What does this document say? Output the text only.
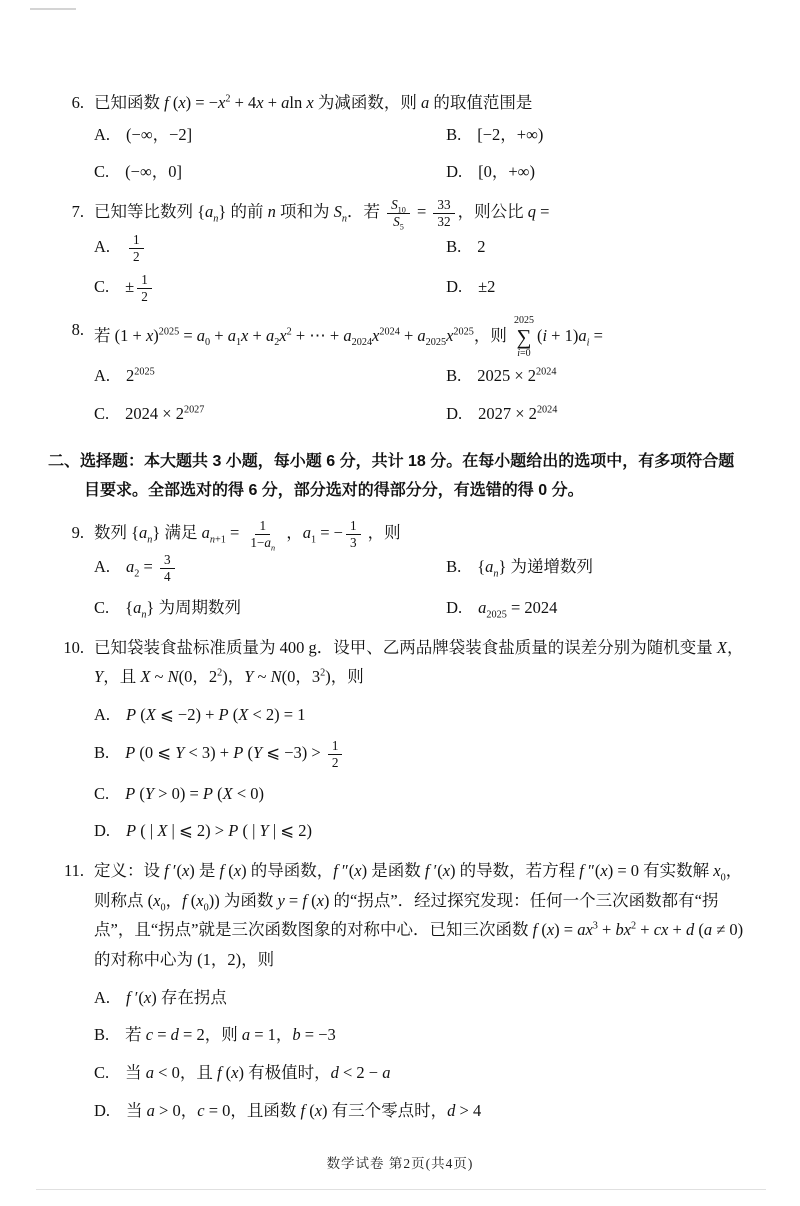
6. 已知函数 f $(x) = -x^2 + 4x + aln$ x 为减函数，则 a 的取值范围是
A. (−∞，−2]	B. [−2，+∞)
C. (−∞，0]	D. [0，+∞)
7. 已知等比数列 $\{a_n\}$ 的前 n 项和为 $S_n$．若 $\frac{S_{10}}{S_5} = \frac{33}{32}$ ，则公比 q =
A. $\frac{1}{2}$	B. 2
C. ± $\frac{1}{2}$	D. ±2
8. 若 $(1 + x)^{2025} = a_0 + a_1x + a_2x^2$ + ⋯ + $a_{2024}x^{2024} + a_{2025}x^{2025}$，则
2025
∑
i=0
$(i + 1)a_i$ =
A. $2^{2025}$	B. $2025 \times 2^{2024}$
C. $2024 \times 2^{2027}$	D. $2027 \times 2^{2024}$
二、选择题：本大题共 3 小题，每小题 6 分，共计 18 分。在每小题给出的选项中，有多项符合题目要求。全部选对的得 6 分，部分选对的得部分分，有选错的得 0 分。
9. 数列 $\{a_n\}$ 满足 $a_{n+1} = \frac{1}{1-a_n}$ ，$a_1$ = − $\frac{1}{3}$ ，则
A. $a_2 = \frac{3}{4}$	B. $\{a_n\}$ 为递增数列
C. $\{a_n\}$ 为周期数列	D. $a_{2025} = 2024$
10. 已知袋装食盐标准质量为 400 g．设甲、乙两品牌袋装食盐质量的误差分别为随机变量 X，Y，且 X ~ N(0，$2^2$)，Y ~ N(0，$3^2$)，则
A. P (X ⩽ −2) + P (X < 2) = 1
B. P (0 ⩽ Y < 3) + P (Y ⩽ $-3) > \frac{1}{2}$
C. P (Y > 0) = P (X < 0)
D. P ( | X | ⩽ 2) > P ( | Y | ⩽ 2)
11. 定义：设 f ′(x) 是 f (x) 的导函数，f ″(x) 是函数 f ′(x) 的导数，若方程 f ″(x) = 0 有实数解 $x_0$，则称点 ($x_0$，f $(x_0)$) 为函数 y = f (x) 的“拐点”．经过探究发现：任何一个三次函数都有“拐点”，且“拐点”就是三次函数图象的对称中心．已知三次函数 f $(x) = ax^3 + bx^2$ + cx + d (a ≠ 0) 的对称中心为 (1，2)，则
A. f ′(x) 存在拐点
B. 若 c = d = 2，则 a = 1，b = −3
C. 当 a < 0，且 f (x) 有极值时，d < 2 − a
D. 当 a > 0，c = 0，且函数 f (x) 有三个零点时，d > 4
数学试卷 第2页(共4页)
